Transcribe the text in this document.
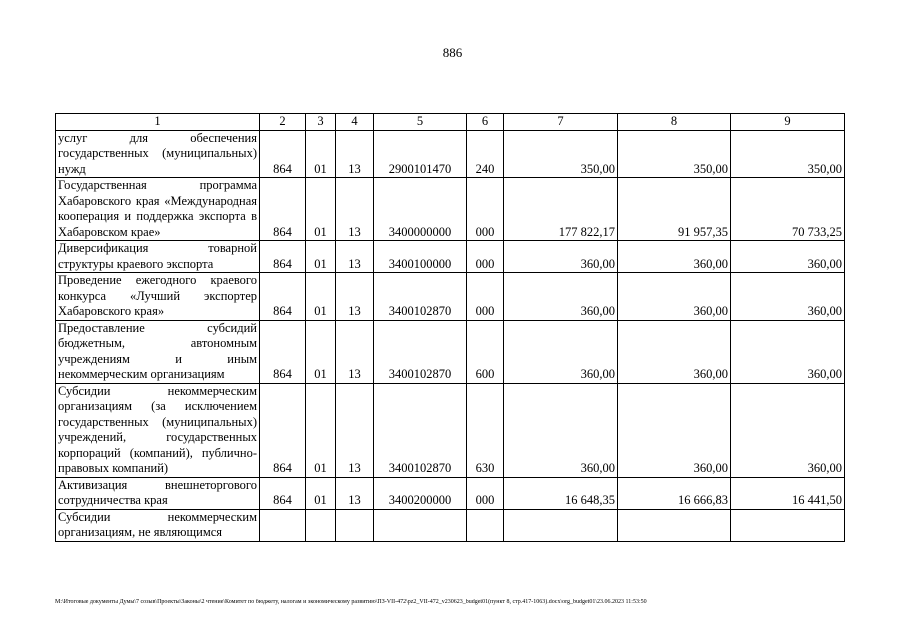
886
1	2	3	4	5	6	7	8	9
услуг для обеспечения государственных (муниципальных) нужд	864	01	13	2900101470	240	350,00	350,00	350,00
Государственная программа Хабаровского края «Международная кооперация и поддержка экспорта в Хабаровском крае»	864	01	13	3400000000	000	177 822,17	91 957,35	70 733,25
Диверсификация товарной структуры краевого экспорта	864	01	13	3400100000	000	360,00	360,00	360,00
Проведение ежегодного краевого конкурса «Лучший экспортер Хабаровского края»	864	01	13	3400102870	000	360,00	360,00	360,00
Предоставление субсидий бюджетным, автономным учреждениям и иным некоммерческим организациям	864	01	13	3400102870	600	360,00	360,00	360,00
Субсидии некоммерческим организациям (за исключением государственных (муниципальных) учреждений, государственных корпораций (компаний), публично-правовых компаний)	864	01	13	3400102870	630	360,00	360,00	360,00
Активизация внешнеторгового сотрудничества края	864	01	13	3400200000	000	16 648,35	16 666,83	16 441,50
Субсидии некоммерческим организациям, не являющимся								
М:\Итоговые документы Думы\7 созыв\Проекты\Законы\2 чтение\Комитет по бюджету, налогам и экономическому развитию\ПЗ-VII-472\pz2_VII-472_v230623_budget01(пункт 8, стр.417-1063).docx\org_budget01\23.06.2023 11:53:50
